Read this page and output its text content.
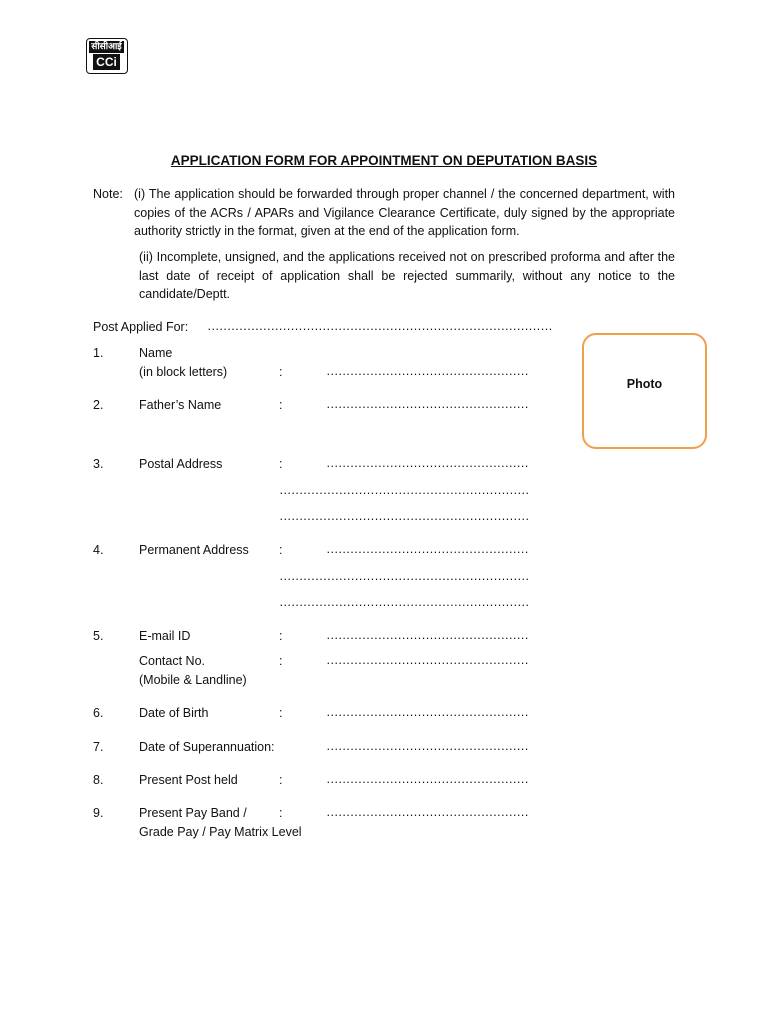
सीसीआई
CCi
APPLICATION FORM FOR APPOINTMENT ON DEPUTATION BASIS
Note: (i) The application should be forwarded through proper channel / the concerned department, with copies of the ACRs / APARs and Vigilance Clearance Certificate, duly signed by the appropriate authority strictly in the format, given at the end of the application form.
(ii) Incomplete, unsigned, and the applications received not on prescribed proforma and after the last date of receipt of application shall be rejected summarily, without any notice to the candidate/Deptt.
Post Applied For: ……………………………………………………………………………
Photo
1.	Name
(in block letters)	:	……………………………………………
2.	Father’s Name	:	……………………………………………
3.	Postal Address	:	……………………………………………
………………………………………………………
………………………………………………………
4.	Permanent Address :	……………………………………………
………………………………………………………
………………………………………………………
5.	E-mail ID	:	……………………………………………
Contact No.
(Mobile & Landline)
:	……………………………………………
6.	Date of Birth	:	……………………………………………
7.	Date of Superannuation:	……………………………………………
8.	Present Post held	:	……………………………………………
9.	Present Pay Band /
Grade Pay / Pay Matrix Level
:	……………………………………………
